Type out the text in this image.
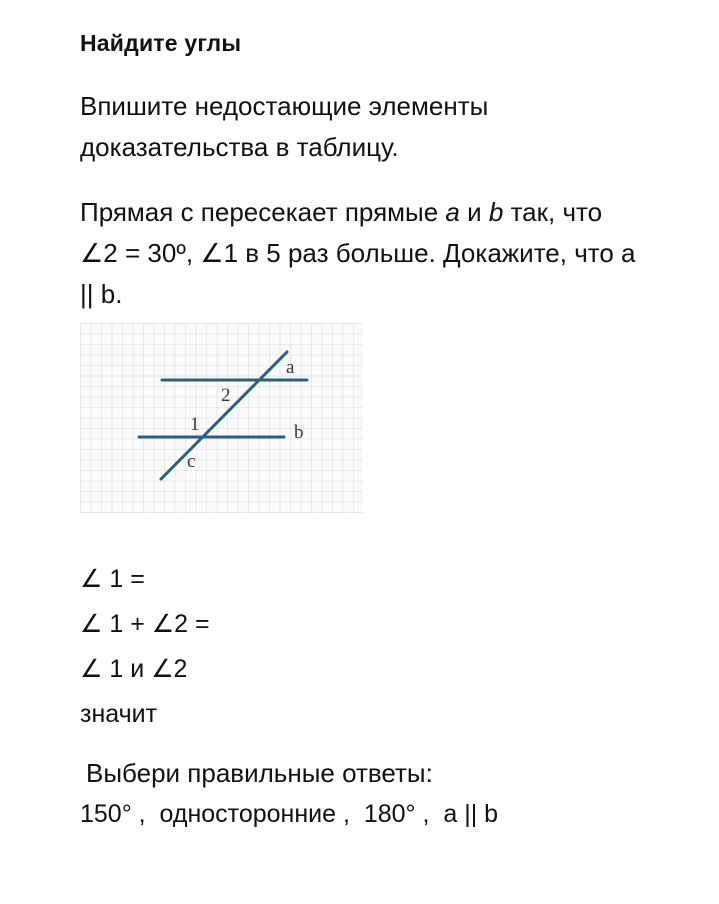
Найдите углы
Впишите недостающие элементы
доказательства в таблицу.
Прямая с пересекает прямые a и b так, что
∠2 = 30º, ∠1 в 5 раз больше. Докажите, что a
|| b.
a
b
c
2
1
∠ 1 =
∠ 1 + ∠2 =
∠ 1 и ∠2
значит
Выбери правильные ответы:
150° ,  односторонние ,  180° ,  a || b
